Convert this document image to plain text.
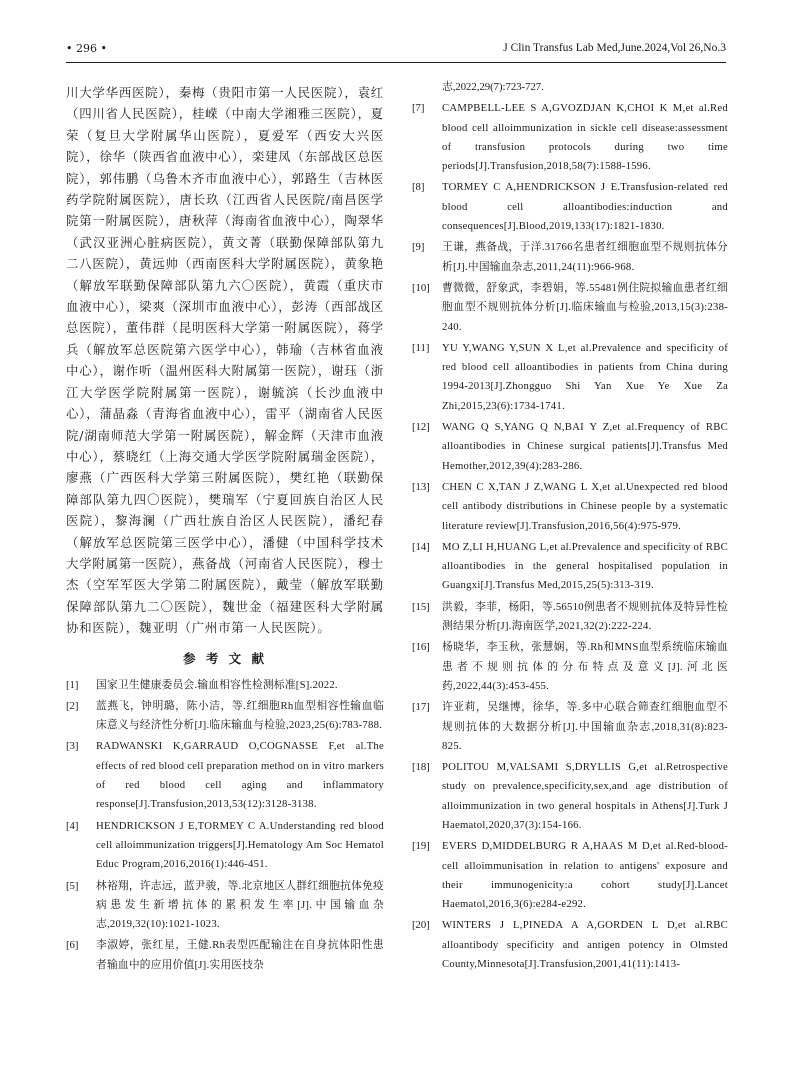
• 296 •	J Clin Transfus Lab Med,June.2024,Vol 26,No.3

川大学华西医院），秦梅（贵阳市第一人民医院），袁红（四川省人民医院），桂嵘（中南大学湘雅三医院），夏荣（复旦大学附属华山医院），夏爱军（西安大兴医院），徐华（陕西省血液中心），栾建凤（东部战区总医院），郭伟鹏（乌鲁木齐市血液中心），郭路生（吉林医药学院附属医院），唐长玖（江西省人民医院/南昌医学院第一附属医院），唐秋萍（海南省血液中心），陶翠华（武汉亚洲心脏病医院），黄文菁（联勤保障部队第九二八医院），黄远帅（西南医科大学附属医院），黄象艳（解放军联勤保障部队第九六〇医院），黄霞（重庆市血液中心），梁爽（深圳市血液中心），彭涛（西部战区总医院），董伟群（昆明医科大学第一附属医院），蒋学兵（解放军总医院第六医学中心），韩瑜（吉林省血液中心），谢作听（温州医科大附属第一医院），谢珏（浙江大学医学院附属第一医院），谢毓滨（长沙血液中心），蒲晶淼（青海省血液中心），雷平（湖南省人民医院/湖南师范大学第一附属医院），解金辉（天津市血液中心），蔡晓红（上海交通大学医学院附属瑞金医院），廖燕（广西医科大学第三附属医院），樊红艳（联勤保障部队第九四〇医院），樊瑞军（宁夏回族自治区人民医院），黎海澜（广西壮族自治区人民医院），潘纪春（解放军总医院第三医学中心），潘健（中国科学技术大学附属第一医院），燕备战（河南省人民医院），穆士杰（空军军医大学第二附属医院），戴莹（解放军联勤保障部队第九二〇医院），魏世金（福建医科大学附属协和医院），魏亚明（广州市第一人民医院）。

参 考 文 献
[1]	国家卫生健康委员会.输血相容性检测标准[S].2022.
[2]	蓝燕飞，钟明璐，陈小洁，等.红细胞Rh血型相容性输血临床意义与经济性分析[J].临床输血与检验,2023,25(6):783-788.
[3]	RADWANSKI K,GARRAUD O,COGNASSE F,et al.The effects of red blood cell preparation method on in vitro markers of red blood cell aging and inflammatory response[J].Transfusion,2013,53(12):3128-3138.
[4]	HENDRICKSON J E,TORMEY C A.Understanding red blood cell alloimmunization triggers[J].Hematology Am Soc Hematol Educ Program,2016,2016(1):446-451.
[5]	林裕翔，许志远，蓝尹骏，等.北京地区人群红细胞抗体免疫病患发生新增抗体的累积发生率[J].中国输血杂志,2019,32(10):1021-1023.
[6]	李淑婷，张红星，王健.Rh表型匹配输注在自身抗体阳性患者输血中的应用价值[J].实用医技杂
志,2022,29(7):723-727.
[7]	CAMPBELL-LEE S A,GVOZDJAN K,CHOI K M,et al.Red blood cell alloimmunization in sickle cell disease:assessment of transfusion protocols during two time periods[J].Transfusion,2018,58(7):1588-1596.
[8]	TORMEY C A,HENDRICKSON J E.Transfusion-related red blood cell alloantibodies:induction and consequences[J].Blood,2019,133(17):1821-1830.
[9]	王谦，燕备战，于洋.31766名患者红细胞血型不规则抗体分析[J].中国输血杂志,2011,24(11):966-968.
[10]	曹微微，舒象武，李碧娟，等.55481例住院拟输血患者红细胞血型不规则抗体分析[J].临床输血与检验,2013,15(3):238-240.
[11]	YU Y,WANG Y,SUN X L,et al.Prevalence and specificity of red blood cell alloantibodies in patients from China during 1994-2013[J].Zhongguo Shi Yan Xue Ye Xue Za Zhi,2015,23(6):1734-1741.
[12]	WANG Q S,YANG Q N,BAI Y Z,et al.Frequency of RBC alloantibodies in Chinese surgical patients[J].Transfus Med Hemother,2012,39(4):283-286.
[13]	CHEN C X,TAN J Z,WANG L X,et al.Unexpected red blood cell antibody distributions in Chinese people by a systematic literature review[J].Transfusion,2016,56(4):975-979.
[14]	MO Z,LI H,HUANG L,et al.Prevalence and specificity of RBC alloantibodies in the general hospitalised population in Guangxi[J].Transfus Med,2015,25(5):313-319.
[15]	洪毅，李菲，杨阳，等.56510例患者不规则抗体及特异性检测结果分析[J].海南医学,2021,32(2):222-224.
[16]	杨晓华，李玉秋，张慧娴，等.Rh和MNS血型系统临床输血患者不规则抗体的分布特点及意义[J].河北医药,2022,44(3):453-455.
[17]	许亚莉，吴继博，徐华，等.多中心联合筛查红细胞血型不规则抗体的大数据分析[J].中国输血杂志,2018,31(8):823-825.
[18]	POLITOU M,VALSAMI S,DRYLLIS G,et al.Retrospective study on prevalence,specificity,sex,and age distribution of alloimmunization in two general hospitals in Athens[J].Turk J Haematol,2020,37(3):154-166.
[19]	EVERS D,MIDDELBURG R A,HAAS M D,et al.Red-blood-cell alloimmunisation in relation to antigens' exposure and their immunogenicity:a cohort study[J].Lancet Haematol,2016,3(6):e284-e292.
[20]	WINTERS J L,PINEDA A A,GORDEN L D,et al.RBC alloantibody specificity and antigen potency in Olmsted County,Minnesota[J].Transfusion,2001,41(11):1413-
